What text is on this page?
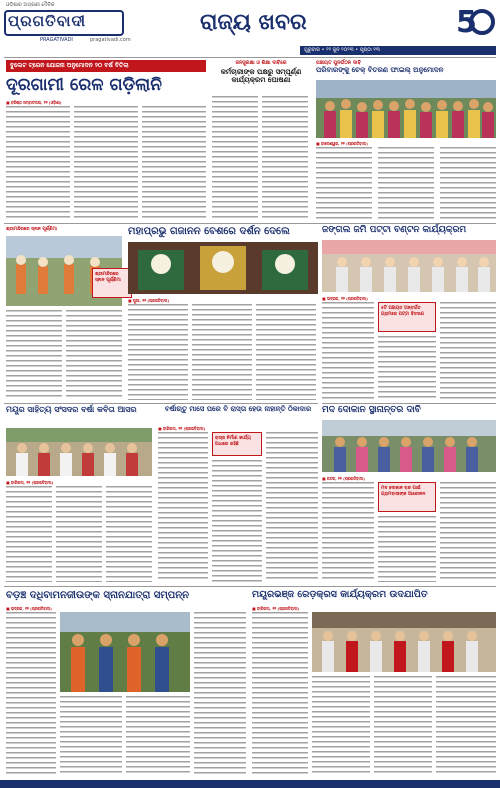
ଓଡ଼ିଶାର ଅଗ୍ରଣୀ ଦୈନିକ
ପ୍ରଗତିବାଦୀ
PRAGATIVADI	pragativadi.com
ରାଜ୍ୟ ଖବର	5
ଗୁରୁବାର • ୨୨ ଜୁନ ୨୦୨୩ • ପୃଷ୍ଠା ୧୩
ବୁଲେଟ ଟ୍ରେନ ଯୋଜନା ଅନୁମୋଦନ ୨୦ ବର୍ଷ ବିତିଲା
ଦୂରଗାମୀ ରେଳ ଗଡ଼ିଲାନି
■ ବରିଷ୍ଠ ସମ୍ବାଦଦାତା, ୨୧ (ଓଡ଼ିଶା)
ଜନସୁରକ୍ଷା ଓ ଶିକ୍ଷା ଦାବିରେ
କର୍ମଚାରୀଙ୍କ ପକ୍ଷରୁ ସମ୍ପୂର୍ଣ୍ଣ କାର୍ଯ୍ୟକ୍ରମ ଘୋଷଣା
ପଞ୍ଚାୟତ ପୁନର୍ଗଠନ ଦାବି
ପରିବାରଙ୍କୁ ଚେକ୍‌ ବିତରଣ ଫାଇଲ୍ ଅନୁମୋଦନ
■ ବାଲେଶ୍ୱର, ୨୧ (ପ୍ରଗତିବାଦୀ)
ଶ୍ରୀମନ୍ଦିରରେ ସ୍ନାନ ପୂର୍ଣ୍ଣିମା	ମହାପ୍ରଭୁ ଗଜାନନ ବେଶରେ ଦର୍ଶନ ଦେଲେ
ଶ୍ରୀମନ୍ଦିରରେ ସ୍ନାନ ପୂର୍ଣ୍ଣିମା
■ ପୁରୀ, ୨୧ (ପ୍ରଗତିବାଦୀ)
ଜଙ୍ଗଲ ଜମି ପଟ୍ଟା ବଣ୍ଟନ କାର୍ଯ୍ୟକ୍ରମ
■ ଭଦ୍ରକ, ୨୧ (ପ୍ରଗତିବାଦୀ)
୫ଟି ପଞ୍ଚାୟତ ଅନ୍ତର୍ଗତ ଗ୍ରାମରେ ପଟ୍ଟା ବିତରଣ
ମଦ ଦୋକାନ ସ୍ଥାନାନ୍ତର ଦାବି
■ କଟକ, ୨୧ (ପ୍ରଗତିବାଦୀ)
ମଦ ଦୋକାନ ବନ୍ଦ ପାଇଁ ଗ୍ରାମବାସୀଙ୍କ ଆନ୍ଦୋଳନ
ମୟୂର ସାହିତ୍ୟ ସଂସଦର ବର୍ଷା କବିତା ଆସର
■ ବାରିପଦା, ୨୧ (ପ୍ରଗତିବାଦୀ)
ବର୍ଷାଋତୁ ମାସେ ପରେ ବି ରାସ୍ତା ହେଉ ନାହାନ୍ତି ଠିକାଦାର
■ ବାରିପଦା, ୨୧ (ପ୍ରଗତିବାଦୀ)
ରାସ୍ତା ନିର୍ମାଣ କାର୍ଯ୍ୟ ଅଧାରେ ରହିଛି
ବଡ଼ଞ୍ଚ ଦଧିବାମନଜୀଉଙ୍କ ସ୍ନାନଯାତ୍ରା ସମ୍ପନ୍ନ
■ ଭଦ୍ରକ, ୨୧ (ପ୍ରଗତିବାଦୀ)
ମୟୂରଭଞ୍ଜ ରେଡ଼କ୍ରସ କାର୍ଯ୍ୟକ୍ରମ ଉଦଯାପିତ
■ ବାରିପଦା, ୨୧ (ପ୍ରଗତିବାଦୀ)
